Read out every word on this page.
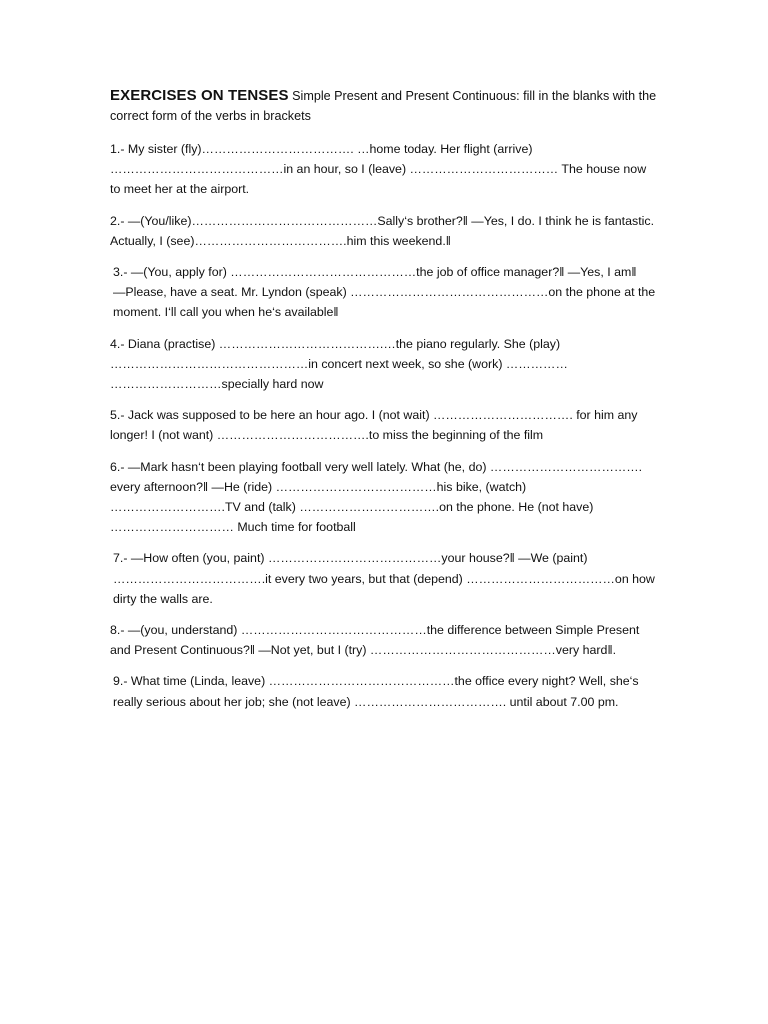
EXERCISES ON TENSES Simple Present and Present Continuous: fill in the blanks with the correct form of the verbs in brackets

1.- My sister (fly)………………………………. …home today. Her flight (arrive) ……………………………………in an hour, so I (leave) ……………………………… The house now to meet her at the airport.

2.- ―(You/like)………………………………………Sally‘s brother?‖ ―Yes, I do. I think he is fantastic. Actually, I (see)……………………………….him this weekend.‖

3.- ―(You, apply for) ………………………………………the job of office manager?‖ ―Yes, I am‖ ―Please, have a seat. Mr. Lyndon (speak) …………………………………………on the phone at the moment. I‘ll call you when he‘s available‖

4.- Diana (practise) ………………………………….…the piano regularly. She (play) …………………………………………in concert next week, so she (work) …………… ………………………specially hard now

5.- Jack was supposed to be here an hour ago. I (not wait) ……………………………. for him any longer! I (not want) ……………………………….to miss the beginning of the film

6.- ―Mark hasn‘t been playing football very well lately. What (he, do) ………………………………. every afternoon?‖ ―He (ride) …………………………………his bike, (watch) ……………………….TV and (talk) …………………………….on the phone. He (not have) ………………………… Much time for football

7.- ―How often (you, paint) ……………………………………your house?‖ ―We (paint) ……………………………….it every two years, but that (depend) ………………………………on how dirty the walls are.

8.- ―(you, understand) ………………………………………the difference between Simple Present and Present Continuous?‖ ―Not yet, but I (try) ………………………………………very hard‖.

9.- What time (Linda, leave) ………………………………………the office every night? Well, she‘s really serious about her job; she (not leave) ………………………………. until about 7.00 pm.
